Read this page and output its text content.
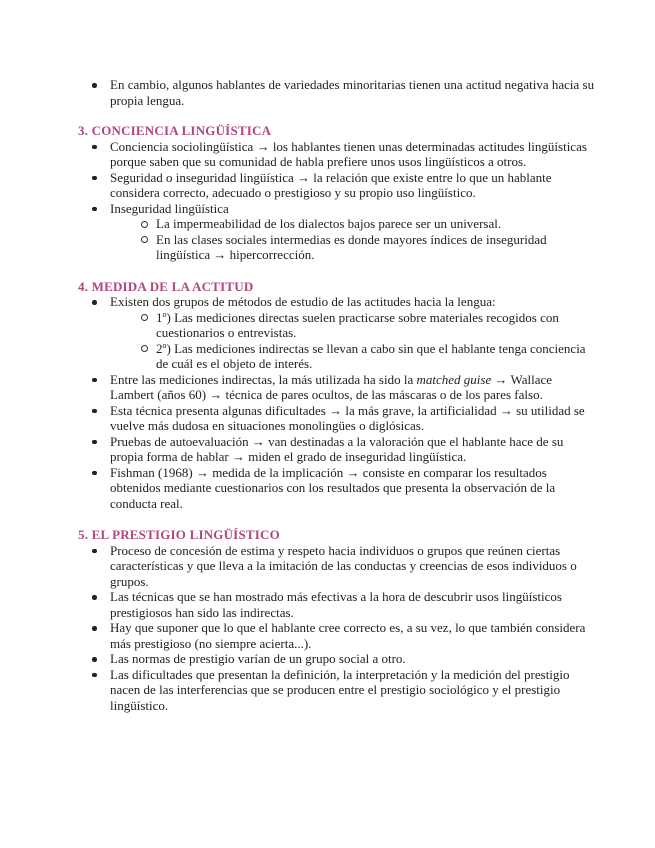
En cambio, algunos hablantes de variedades minoritarias tienen una actitud negativa hacia su propia lengua.
3. CONCIENCIA LINGÜÍSTICA
Conciencia sociolingüística → los hablantes tienen unas determinadas actitudes lingüísticas porque saben que su comunidad de habla prefiere unos usos lingüísticos a otros.
Seguridad o inseguridad lingüística → la relación que existe entre lo que un hablante considera correcto, adecuado o prestigioso y su propio uso lingüístico.
Inseguridad lingüística
La impermeabilidad de los dialectos bajos parece ser un universal.
En las clases sociales intermedias es donde mayores índices de inseguridad lingüística → hipercorrección.
4. MEDIDA DE LA ACTITUD
Existen dos grupos de métodos de estudio de las actitudes hacia la lengua:
1$^o$) Las mediciones directas suelen practicarse sobre materiales recogidos con cuestionarios o entrevistas.
2$^o$) Las mediciones indirectas se llevan a cabo sin que el hablante tenga conciencia de cuál es el objeto de interés.
Entre las mediciones indirectas, la más utilizada ha sido la matched guise → Wallace Lambert (años 60) → técnica de pares ocultos, de las máscaras o de los pares falso.
Esta técnica presenta algunas dificultades → la más grave, la artificialidad → su utilidad se vuelve más dudosa en situaciones monolingües o diglósicas.
Pruebas de autoevaluación → van destinadas a la valoración que el hablante hace de su propia forma de hablar → miden el grado de inseguridad lingüística.
Fishman (1968) → medida de la implicación → consiste en comparar los resultados obtenidos mediante cuestionarios con los resultados que presenta la observación de la conducta real.
5. EL PRESTIGIO LINGÜÍSTICO
Proceso de concesión de estima y respeto hacia individuos o grupos que reúnen ciertas características y que lleva a la imitación de las conductas y creencias de esos individuos o grupos.
Las técnicas que se han mostrado más efectivas a la hora de descubrir usos lingüísticos prestigiosos han sido las indirectas.
Hay que suponer que lo que el hablante cree correcto es, a su vez, lo que también considera más prestigioso (no siempre acierta...).
Las normas de prestigio varían de un grupo social a otro.
Las dificultades que presentan la definición, la interpretación y la medición del prestigio nacen de las interferencias que se producen entre el prestigio sociológico y el prestigio lingüístico.
